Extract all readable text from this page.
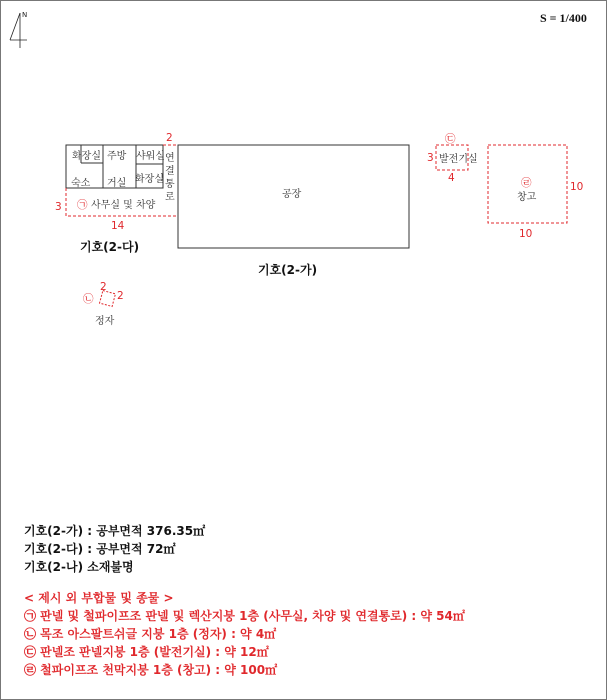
N	S = 1/400
화장실 주방 샤워실
숙소 거실 화장실
연
결
통
로
㉠ 사무실 및 차양
2
3
14
기호(2-다)
공장
기호(2-가)
㉢
발전기실
3
4	㉣
창고
10
10
㉡
2
2
정자
기호(2-가) : 공부면적 376.35㎡
기호(2-다) : 공부면적 72㎡
기호(2-나) 소재불명
< 제시 외 부합물 및 종물 >
㉠ 판넬 및 철파이프조 판넬 및 렉산지붕 1층 (사무실, 차양 및 연결통로) : 약 54㎡
㉡ 목조 아스팔트쉬글 지붕 1층 (정자) : 약 4㎡
㉢ 판넬조 판넬지붕 1층 (발전기실) : 약 12㎡
㉣ 철파이프조 천막지붕 1층 (창고) : 약 100㎡
